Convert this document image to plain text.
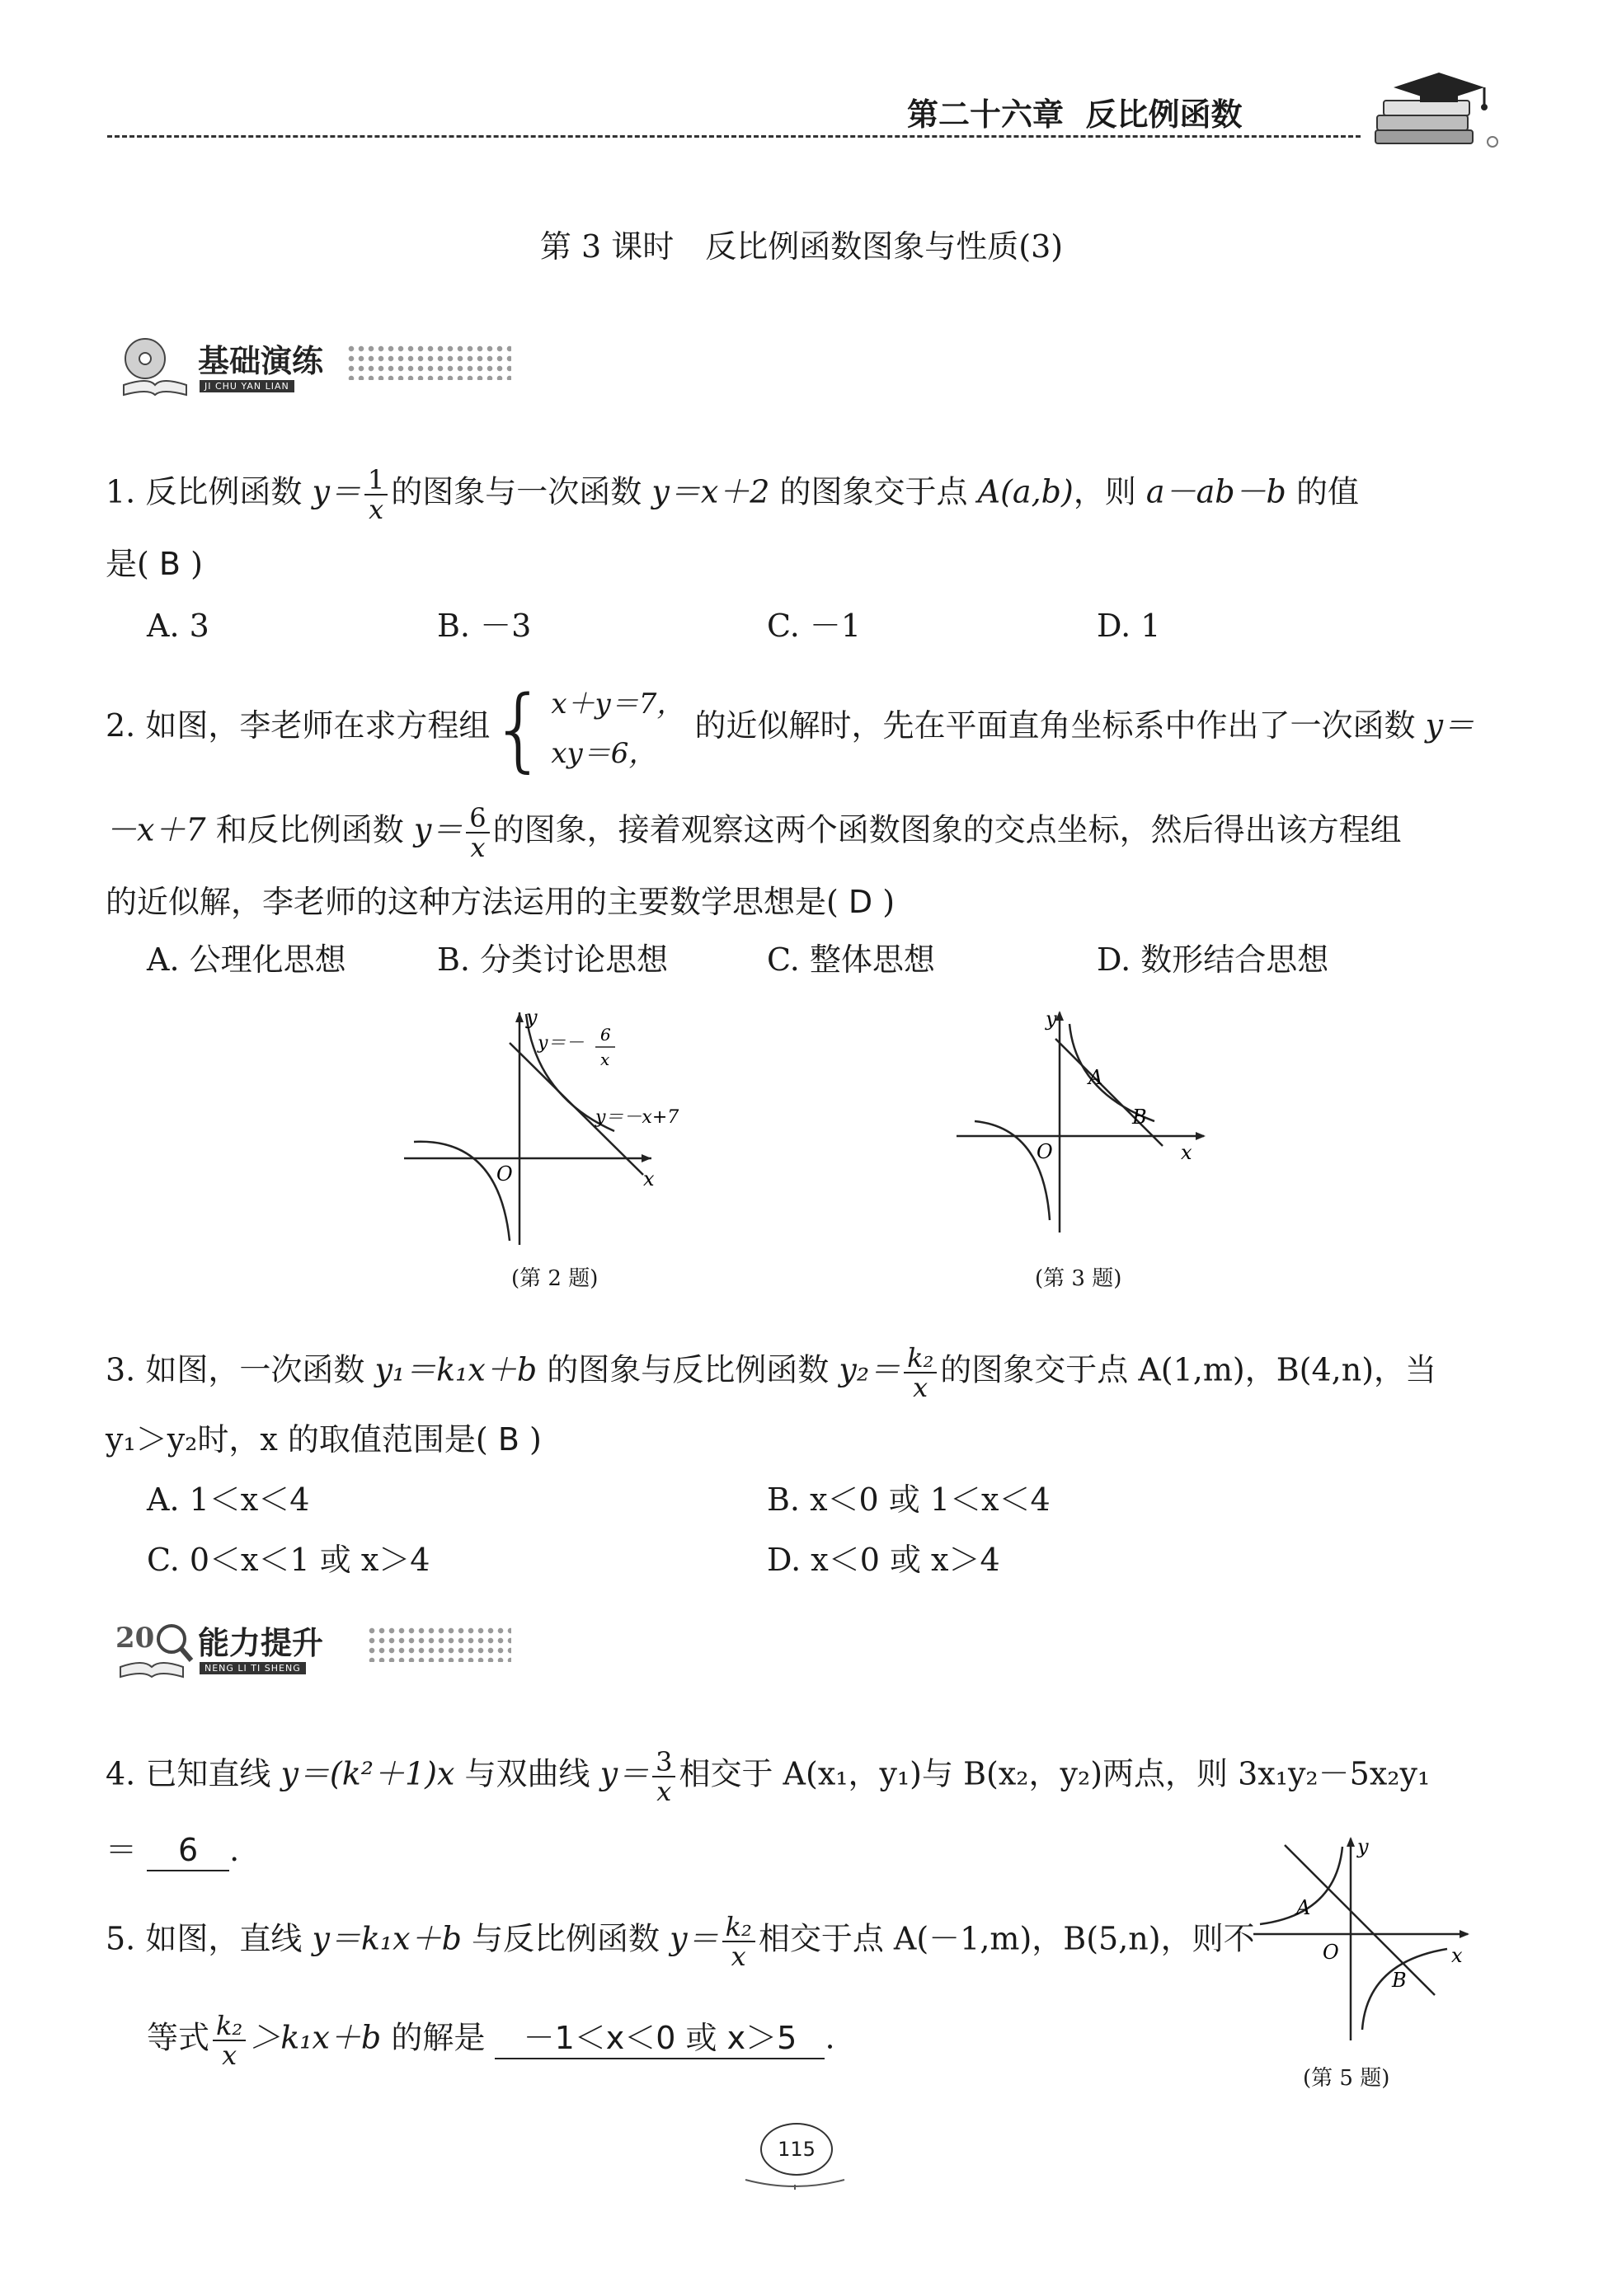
第二十六章 反比例函数
第 3 课时　反比例函数图象与性质(3)
基础演练
JI CHU YAN LIAN
1. 反比例函数 $y= \frac{1}{x}$ 的图象与一次函数 y＝x＋2 的图象交于点 A(a,b)，则 a－ab－b 的值
是( B )
A. 3	B. －3	C. －1	D. 1
2. 如图，李老师在求方程组 { x＋y＝7，
xy＝6，
的近似解时，先在平面直角坐标系中作出了一次函数 y＝
－x＋7 和反比例函数 $y= \frac{6}{x}$ 的图象，接着观察这两个函数图象的交点坐标，然后得出该方程组
的近似解，李老师的这种方法运用的主要数学思想是( D )
A. 公理化思想	B. 分类讨论思想	C. 整体思想	D. 数形结合思想
y
x
O
y＝－ 6
x
y＝－x+7
(第 2 题)
y
x
O
A
B
(第 3 题)
3. 如图，一次函数 y₁＝k₁x＋b 的图象与反比例函数 $y_2= \frac{\text{k₂}}{x}$ 的图象交于点 A(1,m)，B(4,n)，当
y₁＞y₂时，x 的取值范围是( B )
A. 1＜x＜4	B. x＜0 或 1＜x＜4
C. 0＜x＜1 或 x＞4	D. x＜0 或 x＞4
20 能力提升
NENG LI TI SHENG
4. 已知直线 y＝(k²＋1)x 与双曲线 $y= \frac{3}{x}$ 相交于 A(x₁，y₁)与 B(x₂，y₂)两点，则 3x₁y₂－5x₂y₁
＝ 6 .
5. 如图，直线 y＝k₁x＋b 与反比例函数 $y= \frac{\text{k₂}}{x}$ 相交于点 A(－1,m)，B(5,n)，则不
等式 $\frac{\text{k₂}}{x} >k_1x+b$ 的解是 －1＜x＜0 或 x＞5 .
y
x
O
A
B
(第 5 题)
115
